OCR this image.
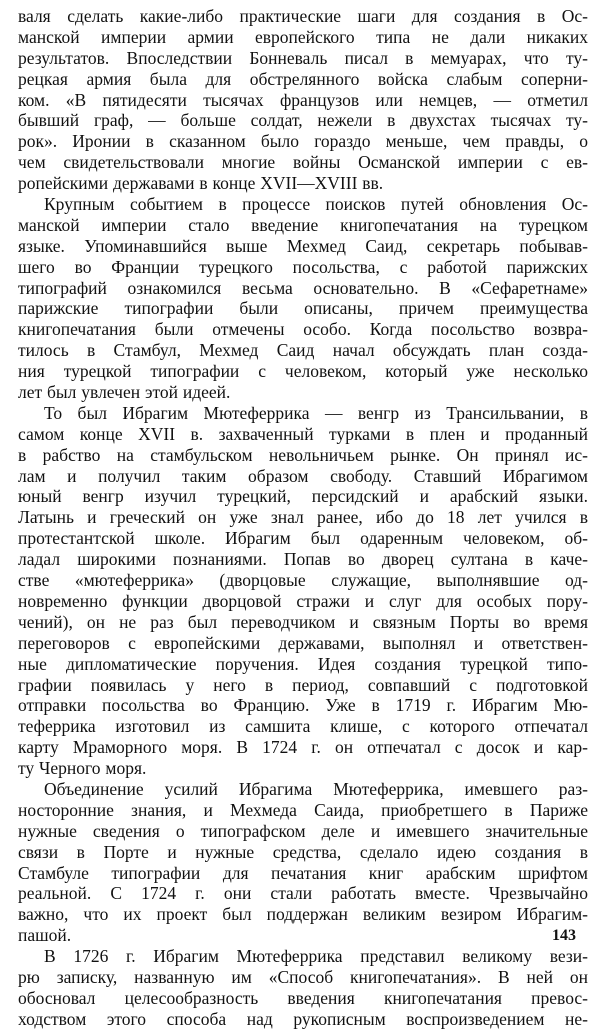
валя сделать какие-либо практические шаги для создания в Ос-
манской империи армии европейского типа не дали никаких
результатов. Впоследствии Бонневаль писал в мемуарах, что ту-
рецкая армия была для обстрелянного войска слабым соперни-
ком. «В пятидесяти тысячах французов или немцев, — отметил
бывший граф, — больше солдат, нежели в двухстах тысячах ту-
рок». Иронии в сказанном было гораздо меньше, чем правды, о
чем свидетельствовали многие войны Османской империи с ев-
ропейскими державами в конце XVII—XVIII вв.
Крупным событием в процессе поисков путей обновления Ос-
манской империи стало введение книгопечатания на турецком
языке. Упоминавшийся выше Мехмед Саид, секретарь побывав-
шего во Франции турецкого посольства, с работой парижских
типографий ознакомился весьма основательно. В «Сефаретнаме»
парижские типографии были описаны, причем преимущества
книгопечатания были отмечены особо. Когда посольство возвра-
тилось в Стамбул, Мехмед Саид начал обсуждать план созда-
ния турецкой типографии с человеком, который уже несколько
лет был увлечен этой идеей.
То был Ибрагим Мютеферрика — венгр из Трансильвании, в
самом конце XVII в. захваченный турками в плен и проданный
в рабство на стамбульском невольничьем рынке. Он принял ис-
лам и получил таким образом свободу. Ставший Ибрагимом
юный венгр изучил турецкий, персидский и арабский языки.
Латынь и греческий он уже знал ранее, ибо до 18 лет учился в
протестантской школе. Ибрагим был одаренным человеком, об-
ладал широкими познаниями. Попав во дворец султана в каче-
стве «мютеферрика» (дворцовые служащие, выполнявшие од-
новременно функции дворцовой стражи и слуг для особых пору-
чений), он не раз был переводчиком и связным Порты во время
переговоров с европейскими державами, выполнял и ответствен-
ные дипломатические поручения. Идея создания турецкой типо-
графии появилась у него в период, совпавший с подготовкой
отправки посольства во Францию. Уже в 1719 г. Ибрагим Мю-
теферрика изготовил из самшита клише, с которого отпечатал
карту Мраморного моря. В 1724 г. он отпечатал с досок и кар-
ту Черного моря.
Объединение усилий Ибрагима Мютеферрика, имевшего раз-
носторонние знания, и Мехмеда Саида, приобретшего в Париже
нужные сведения о типографском деле и имевшего значительные
связи в Порте и нужные средства, сделало идею создания в
Стамбуле типографии для печатания книг арабским шрифтом
реальной. С 1724 г. они стали работать вместе. Чрезвычайно
важно, что их проект был поддержан великим везиром Ибрагим-
пашой.
В 1726 г. Ибрагим Мютеферрика представил великому вези-
рю записку, названную им «Способ книгопечатания». В ней он
обосновал целесообразность введения книгопечатания превос-
ходством этого способа над рукописным воспроизведением не-
143
